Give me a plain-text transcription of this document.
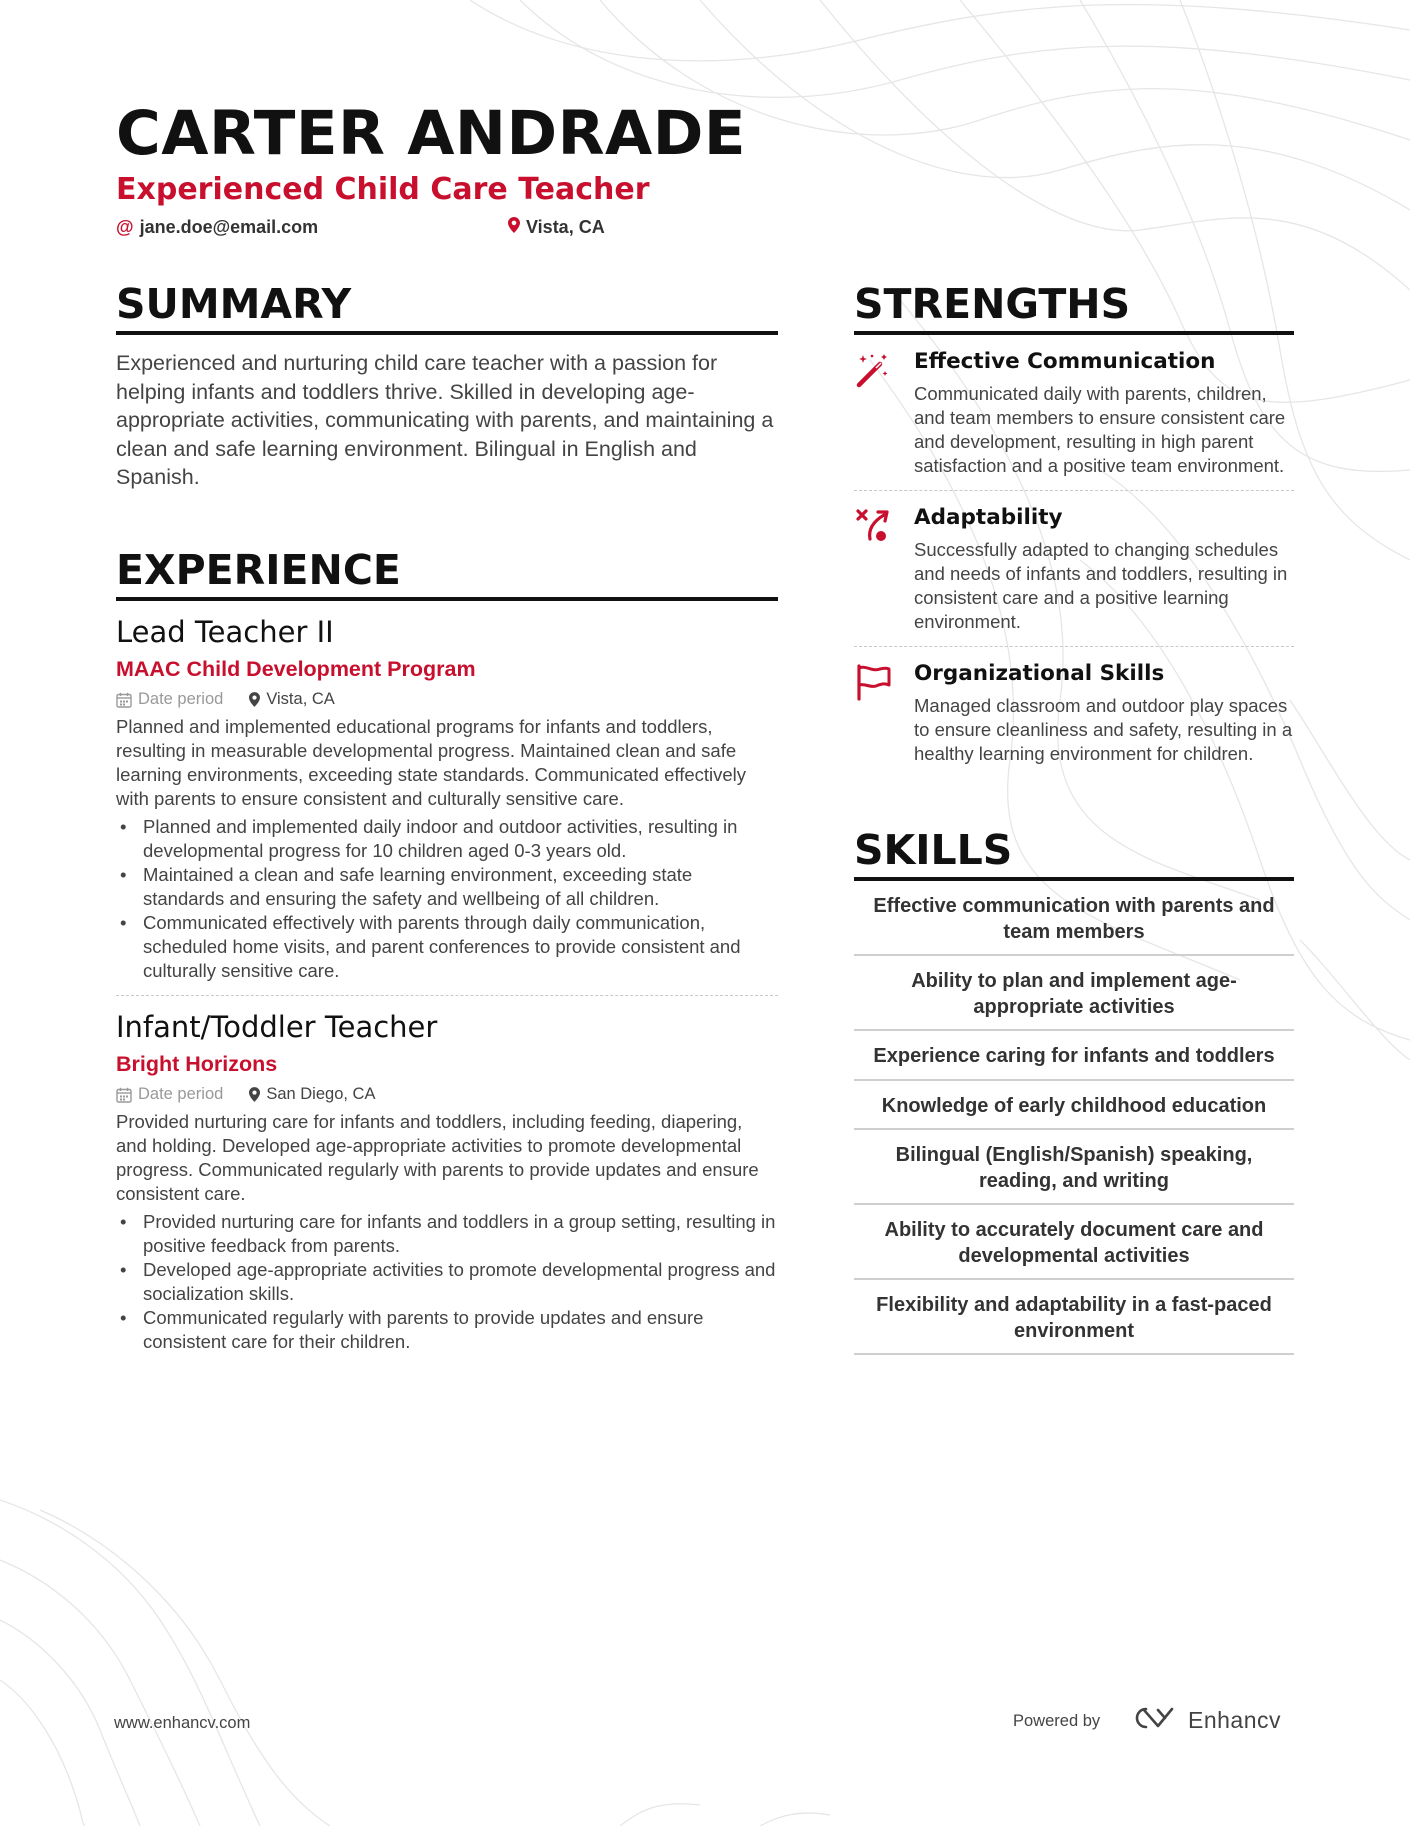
CARTER ANDRADE
Experienced Child Care Teacher
@ jane.doe@email.com	Vista, CA
SUMMARY
Experienced and nurturing child care teacher with a passion for helping infants and toddlers thrive. Skilled in developing age-appropriate activities, communicating with parents, and maintaining a clean and safe learning environment. Bilingual in English and Spanish.
EXPERIENCE
Lead Teacher II
MAAC Child Development Program
Date period	Vista, CA
Planned and implemented educational programs for infants and toddlers, resulting in measurable developmental progress. Maintained clean and safe learning environments, exceeding state standards. Communicated effectively with parents to ensure consistent and culturally sensitive care.
• Planned and implemented daily indoor and outdoor activities, resulting in developmental progress for 10 children aged 0-3 years old.
• Maintained a clean and safe learning environment, exceeding state standards and ensuring the safety and wellbeing of all children.
• Communicated effectively with parents through daily communication, scheduled home visits, and parent conferences to provide consistent and culturally sensitive care.
Infant/Toddler Teacher
Bright Horizons
Date period	San Diego, CA
Provided nurturing care for infants and toddlers, including feeding, diapering, and holding. Developed age-appropriate activities to promote developmental progress. Communicated regularly with parents to provide updates and ensure consistent care.
• Provided nurturing care for infants and toddlers in a group setting, resulting in positive feedback from parents.
• Developed age-appropriate activities to promote developmental progress and socialization skills.
• Communicated regularly with parents to provide updates and ensure consistent care for their children.
STRENGTHS
Effective Communication
Communicated daily with parents, children, and team members to ensure consistent care and development, resulting in high parent satisfaction and a positive team environment.
Adaptability
Successfully adapted to changing schedules and needs of infants and toddlers, resulting in consistent care and a positive learning environment.
Organizational Skills
Managed classroom and outdoor play spaces to ensure cleanliness and safety, resulting in a healthy learning environment for children.
SKILLS
Effective communication with parents and team members
Ability to plan and implement age-appropriate activities
Experience caring for infants and toddlers
Knowledge of early childhood education
Bilingual (English/Spanish) speaking, reading, and writing
Ability to accurately document care and developmental activities
Flexibility and adaptability in a fast-paced environment
www.enhancv.com	Powered by	Enhancv
